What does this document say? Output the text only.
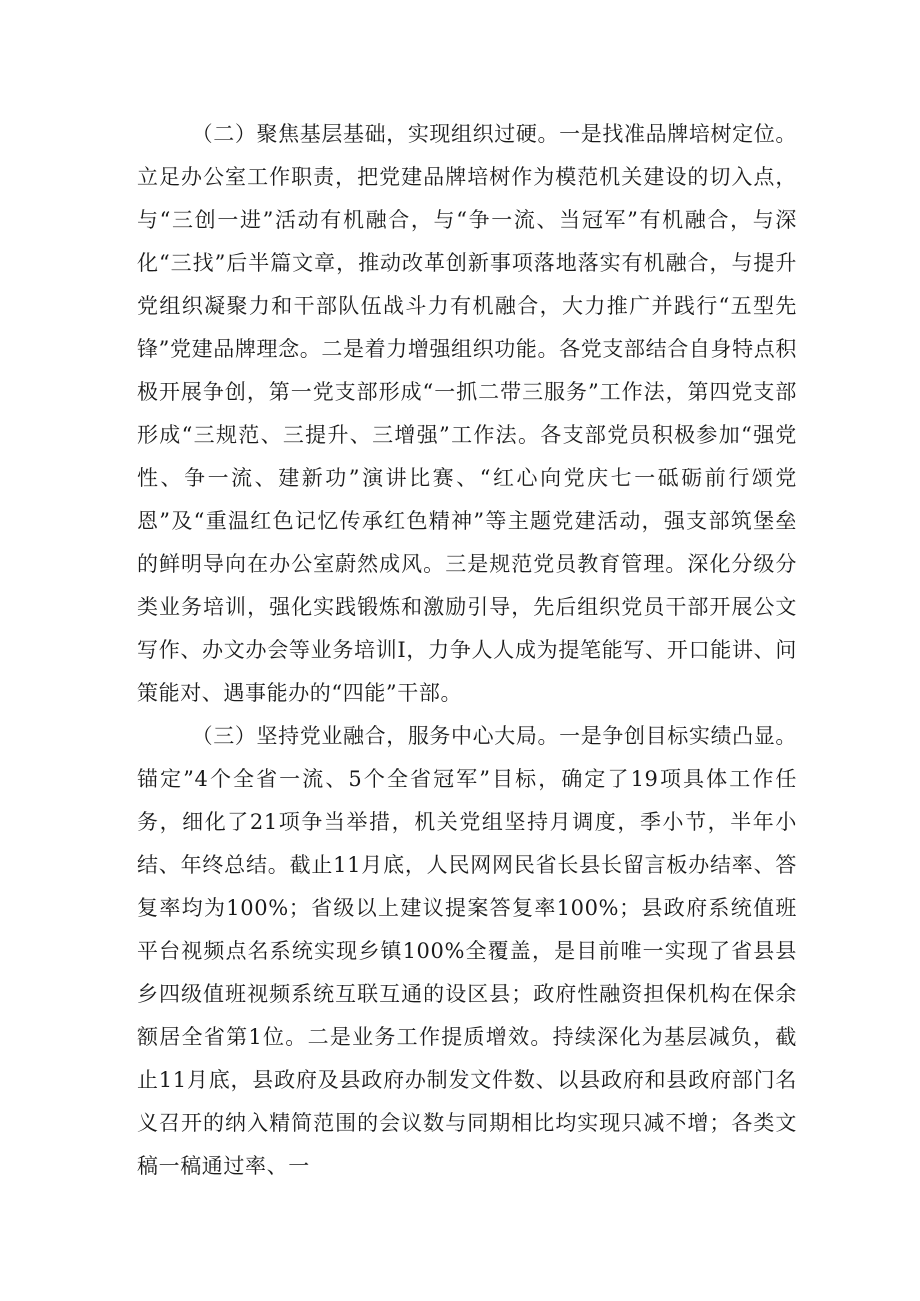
（二）聚焦基层基础，实现组织过硬。一是找准品牌培树定位。立足办公室工作职责，把党建品牌培树作为模范机关建设的切入点，与“三创一进”活动有机融合，与“争一流、当冠军”有机融合，与深化“三找”后半篇文章，推动改革创新事项落地落实有机融合，与提升党组织凝聚力和干部队伍战斗力有机融合，大力推广并践行“五型先锋”党建品牌理念。二是着力增强组织功能。各党支部结合自身特点积极开展争创，第一党支部形成“一抓二带三服务”工作法，第四党支部形成“三规范、三提升、三增强”工作法。各支部党员积极参加“强党性、争一流、建新功”演讲比赛、“红心向党庆七一砥砺前行颂党恩”及“重温红色记忆传承红色精神”等主题党建活动，强支部筑堡垒的鲜明导向在办公室蔚然成风。三是规范党员教育管理。深化分级分类业务培训，强化实践锻炼和激励引导，先后组织党员干部开展公文写作、办文办会等业务培训I，力争人人成为提笔能写、开口能讲、问策能对、遇事能办的“四能”干部。

（三）坚持党业融合，服务中心大局。一是争创目标实绩凸显。锚定”4个全省一流、5个全省冠军”目标，确定了19项具体工作任务，细化了21项争当举措，机关党组坚持月调度，季小节，半年小结、年终总结。截止11月底，人民网网民省长县长留言板办结率、答复率均为100%；省级以上建议提案答复率100%；县政府系统值班平台视频点名系统实现乡镇100%全覆盖，是目前唯一实现了省县县乡四级值班视频系统互联互通的设区县；政府性融资担保机构在保余额居全省第1位。二是业务工作提质增效。持续深化为基层减负，截止11月底，县政府及县政府办制发文件数、以县政府和县政府部门名义召开的纳入精简范围的会议数与同期相比均实现只减不增；各类文稿一稿通过率、一
